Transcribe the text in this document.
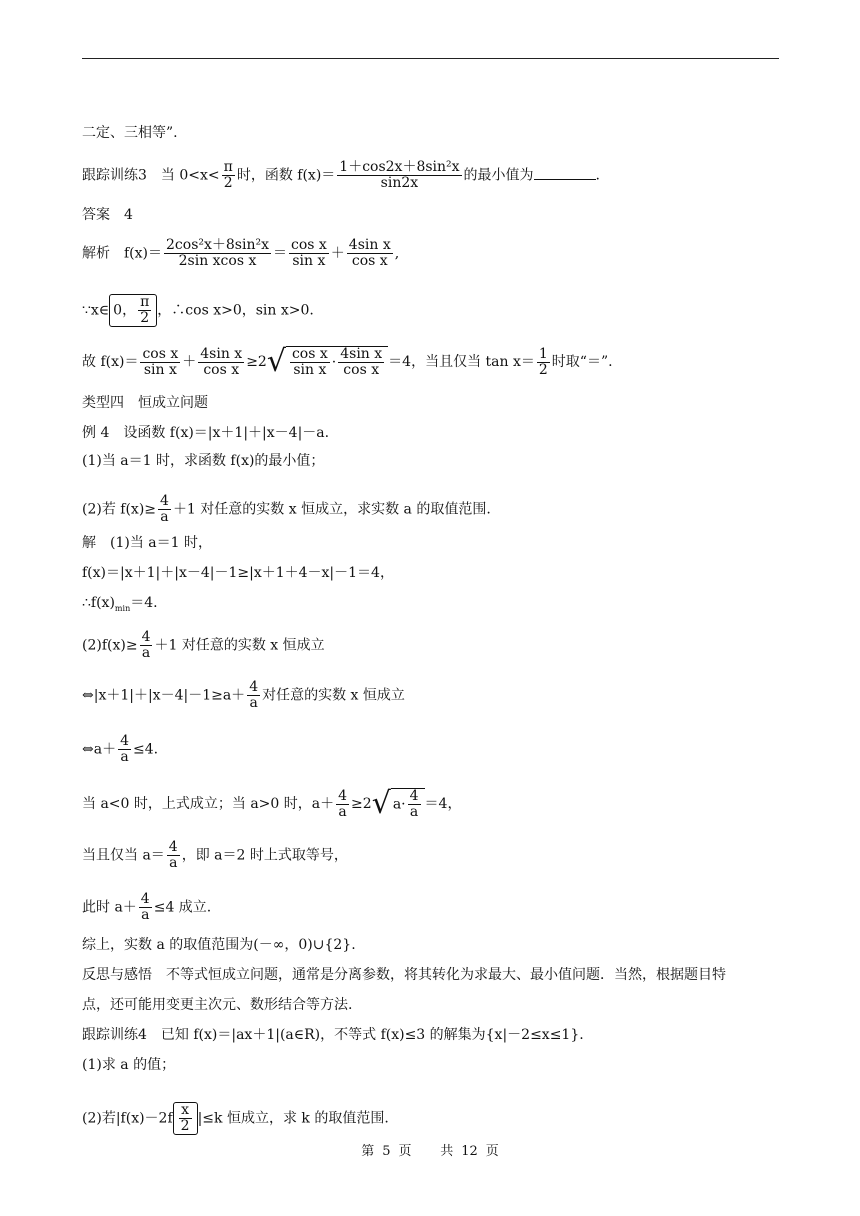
二定、三相等”.
跟踪训练3　当 $0<x< \frac{\pi}{2}$ 时，函数 $f(x)= \frac{\text{1＋cos2x＋8sin²x}}{\sin 2x}$ 的最小值为	.
答案　4
解析　$f(x)= \frac{\text{2cos²x＋8sin²x}}{\text{2sin xcos x}} = \frac{\text{cos x}}{\text{sin x}} + \frac{\text{4sin x}}{\text{cos x}}$ ,
∵x∈ 0， $\frac{\pi}{2}$ ，∴cos x>0，sin x>0.
故 $f(x)= \frac{\text{cos x}}{\text{sin x}} + \frac{\text{4sin x}}{\text{cos x}} \ge 2√ \frac{\text{cos x}}{\text{sin x}} \cdot \frac{\text{4sin x}}{\text{cos x}} =4$，当且仅当 $\tan x= \frac{1}{2}$ 时取“＝”.
类型四　恒成立问题
例 4　设函数 f(x)＝|x＋1|＋|x－4|－a.
(1)当 a＝1 时，求函数 f(x)的最小值；
(2)若 $f(x)\ge \frac{4}{a} +1$ 对任意的实数 x 恒成立，求实数 a 的取值范围.
解　(1)当 a＝1 时，
f(x)＝|x＋1|＋|x－4|－1≥|x＋1＋4－x|－1＝4，
$\therefore f(x)_{min}=4$.
$(2)f(x)\ge \frac{4}{a} +1$ 对任意的实数 x 恒成立
⇔|x＋1|＋|x－4|－1≥a＋ $\frac{4}{a}$ 对任意的实数 x 恒成立
⇔a＋ $\frac{4}{a} \le 4$.
当 a<0 时，上式成立；当 a>0 时，$a+ \frac{4}{a} \ge 2√$ $a\cdot \frac{4}{a} =4$，
当且仅当 $a= \frac{4}{a}$ ，即 a＝2 时上式取等号，
此时 $a+ \frac{4}{a} \le 4$ 成立.
综上，实数 a 的取值范围为(－∞，0)∪{2}.
反思与感悟　不等式恒成立问题，通常是分离参数，将其转化为求最大、最小值问题．当然，根据题目特
点，还可能用变更主次元、数形结合等方法.
跟踪训练4　已知 f(x)＝|ax＋1|(a∈R)，不等式 f(x)≤3 的解集为{x|－2≤x≤1}.
(1)求 a 的值；
(2)若$|f(x)-2f \frac{x}{2} |\le k$ 恒成立，求 k 的取值范围.
第 5 页 共 12 页
